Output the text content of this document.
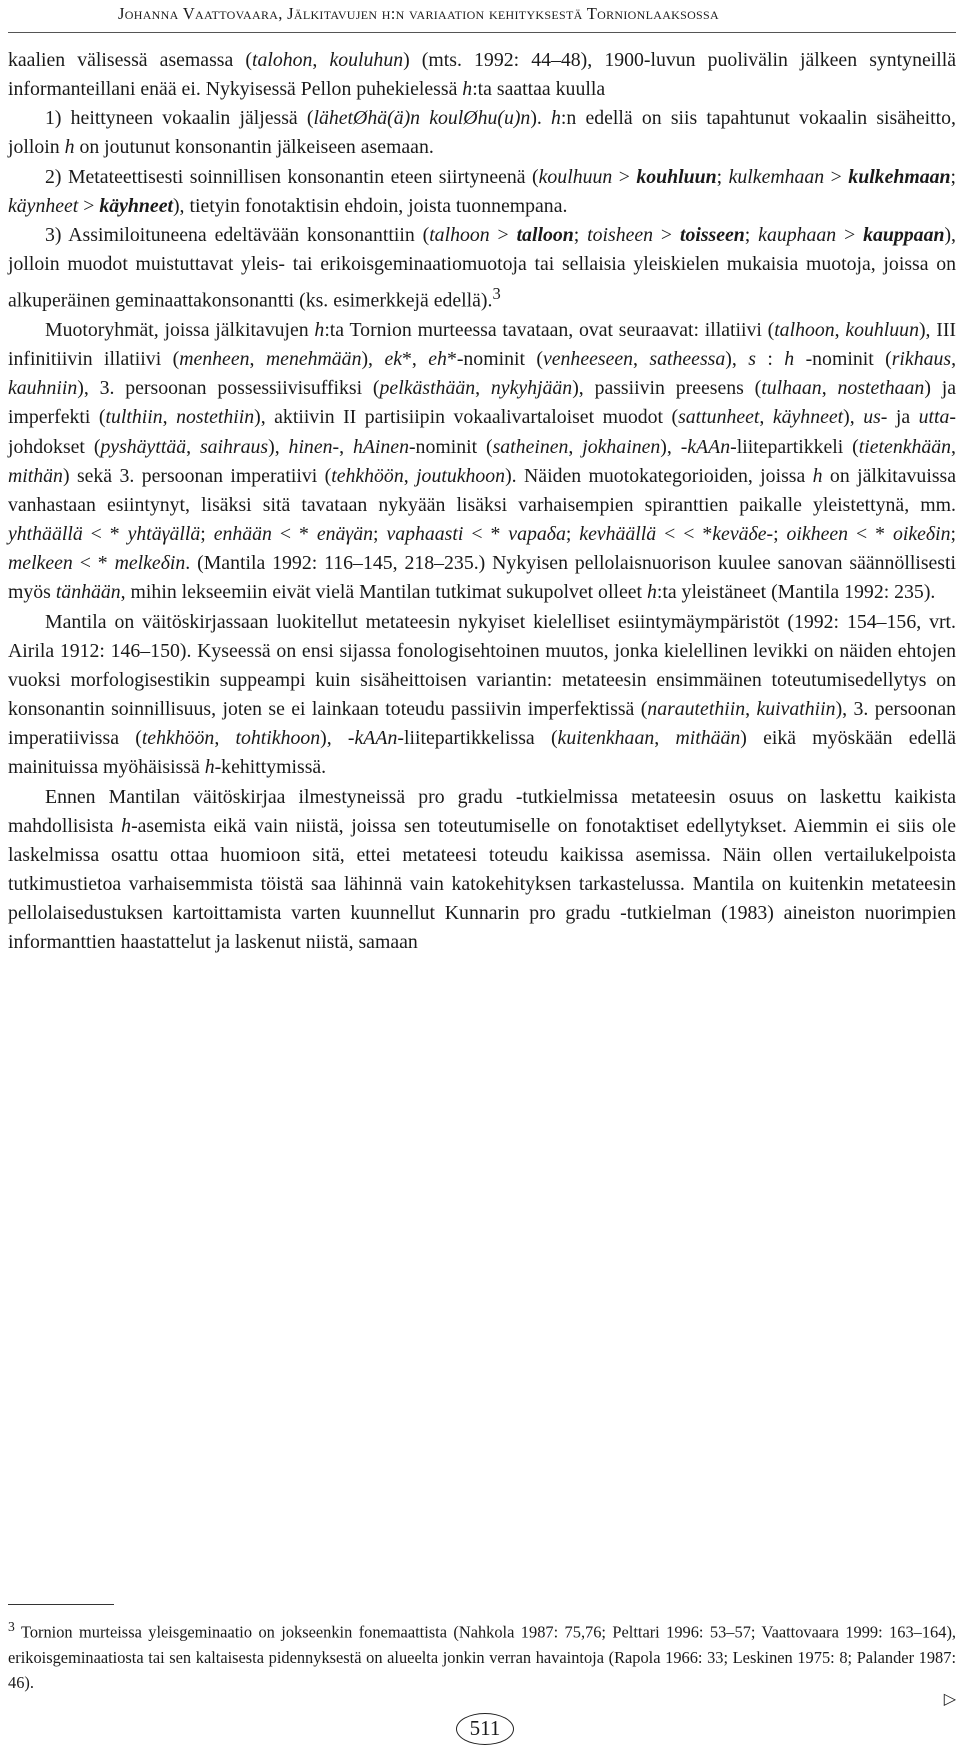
Johanna Vaattovaara, Jälkitavujen h:n variaation kehityksestä Tornionlaaksossa

kaalien välisessä asemassa (talohon, kouluhun) (mts. 1992: 44–48), 1900-luvun puolivälin jälkeen syntyneillä informanteillani enää ei. Nykyisessä Pellon puhekielessä h:ta saattaa kuulla

1) heittyneen vokaalin jäljessä (lähetØhä(ä)n koulØhu(u)n). h:n edellä on siis tapahtunut vokaalin sisäheitto, jolloin h on joutunut konsonantin jälkeiseen asemaan.

2) Metateettisesti soinnillisen konsonantin eteen siirtyneenä (koulhuun > kouhluun; kulkemhaan > kulkehmaan; käynheet > käyhneet), tietyin fonotaktisin ehdoin, joista tuonnempana.

3) Assimiloituneena edeltävään konsonanttiin (talhoon > talloon; toisheen > toisseen; kauphaan > kauppaan), jolloin muodot muistuttavat yleis- tai erikoisgeminaatiomuotoja tai sellaisia yleiskielen mukaisia muotoja, joissa on alkuperäinen geminaattakonsonantti (ks. esimerkkejä edellä).$^3$

Muotoryhmät, joissa jälkitavujen h:ta Tornion murteessa tavataan, ovat seuraavat: illatiivi (talhoon, kouhluun), III infinitiivin illatiivi (menheen, menehmään), ek*, eh*-nominit (venheeseen, satheessa), s : h -nominit (rikhaus, kauhniin), 3. persoonan possessiivisuffiksi (pelkästhään, nykyhjään), passiivin preesens (tulhaan, nostethaan) ja imperfekti (tulthiin, nostethiin), aktiivin II partisiipin vokaalivartaloiset muodot (sattunheet, käyhneet), us- ja utta-johdokset (pyshäyttää, saihraus), hinen-, hAinen-nominit (satheinen, jokhainen), -kAAn-liitepartikkeli (tietenkhään, mithän) sekä 3. persoonan imperatiivi (tehkhöön, joutukhoon). Näiden muotokategorioiden, joissa h on jälkitavuissa vanhastaan esiintynyt, lisäksi sitä tavataan nykyään lisäksi varhaisempien spiranttien paikalle yleistettynä, mm. yhthäällä < * yhtäγällä; enhään < * enäγän; vaphaasti < * vapaδa; kevhäällä < < *keväδe-; oikheen < * oikeδin; melkeen < * melkeδin. (Mantila 1992: 116–145, 218–235.) Nykyisen pellolaisnuorison kuulee sanovan säännöllisesti myös tänhään, mihin lekseemiin eivät vielä Mantilan tutkimat sukupolvet olleet h:ta yleistäneet (Mantila 1992: 235).

Mantila on väitöskirjassaan luokitellut metateesin nykyiset kielelliset esiintymäympäristöt (1992: 154–156, vrt. Airila 1912: 146–150). Kyseessä on ensi sijassa fonologisehtoinen muutos, jonka kielellinen levikki on näiden ehtojen vuoksi morfologisestikin suppeampi kuin sisäheittoisen variantin: metateesin ensimmäinen toteutumisedellytys on konsonantin soinnillisuus, joten se ei lainkaan toteudu passiivin imperfektissä (narautethiin, kuivathiin), 3. persoonan imperatiivissa (tehkhöön, tohtikhoon), -kAAn-liitepartikkelissa (kuitenkhaan, mithään) eikä myöskään edellä mainituissa myöhäisissä h-kehittymissä.

Ennen Mantilan väitöskirjaa ilmestyneissä pro gradu -tutkielmissa metateesin osuus on laskettu kaikista mahdollisista h-asemista eikä vain niistä, joissa sen toteutumiselle on fonotaktiset edellytykset. Aiemmin ei siis ole laskelmissa osattu ottaa huomioon sitä, ettei metateesi toteudu kaikissa asemissa. Näin ollen vertailukelpoista tutkimustietoa varhaisemmista töistä saa lähinnä vain katokehityksen tarkastelussa. Mantila on kuitenkin metateesin pellolaisedustuksen kartoittamista varten kuunnellut Kunnarin pro gradu -tutkielman (1983) aineiston nuorimpien informanttien haastattelut ja laskenut niistä, samaan

$^3$ Tornion murteissa yleisgeminaatio on jokseenkin fonemaattista (Nahkola 1987: 75,76; Pelttari 1996: 53–57; Vaattovaara 1999: 163–164), erikoisgeminaatiosta tai sen kaltaisesta pidennyksestä on alueelta jonkin verran havaintoja (Rapola 1966: 33; Leskinen 1975: 8; Palander 1987: 46).

▷
511
